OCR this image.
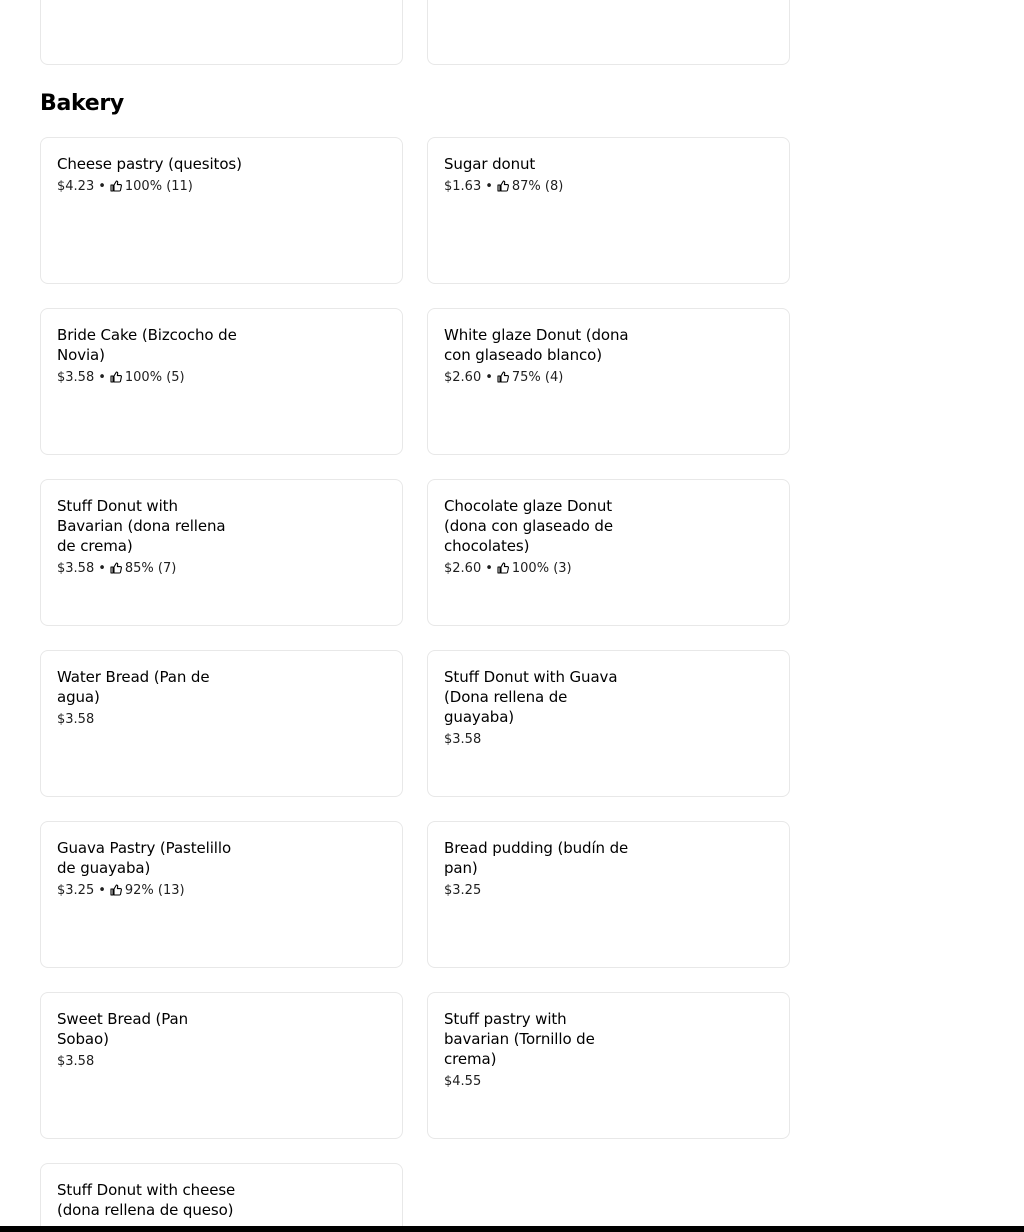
Bakery
Cheese pastry (quesitos)
$4.23 • 100% (11)
Sugar donut
$1.63 • 87% (8)
Bride Cake (Bizcocho de Novia)
$3.58 • 100% (5)
White glaze Donut (dona con glaseado blanco)
$2.60 • 75% (4)
Stuff Donut with Bavarian (dona rellena de crema)
$3.58 • 85% (7)
Chocolate glaze Donut (dona con glaseado de chocolates)
$2.60 • 100% (3)
Water Bread (Pan de agua)
$3.58
Stuff Donut with Guava (Dona rellena de guayaba)
$3.58
Guava Pastry (Pastelillo de guayaba)
$3.25 • 92% (13)
Bread pudding (budín de pan)
$3.25
Sweet Bread (Pan Sobao)
$3.58
Stuff pastry with bavarian (Tornillo de crema)
$4.55
Stuff Donut with cheese (dona rellena de queso)
